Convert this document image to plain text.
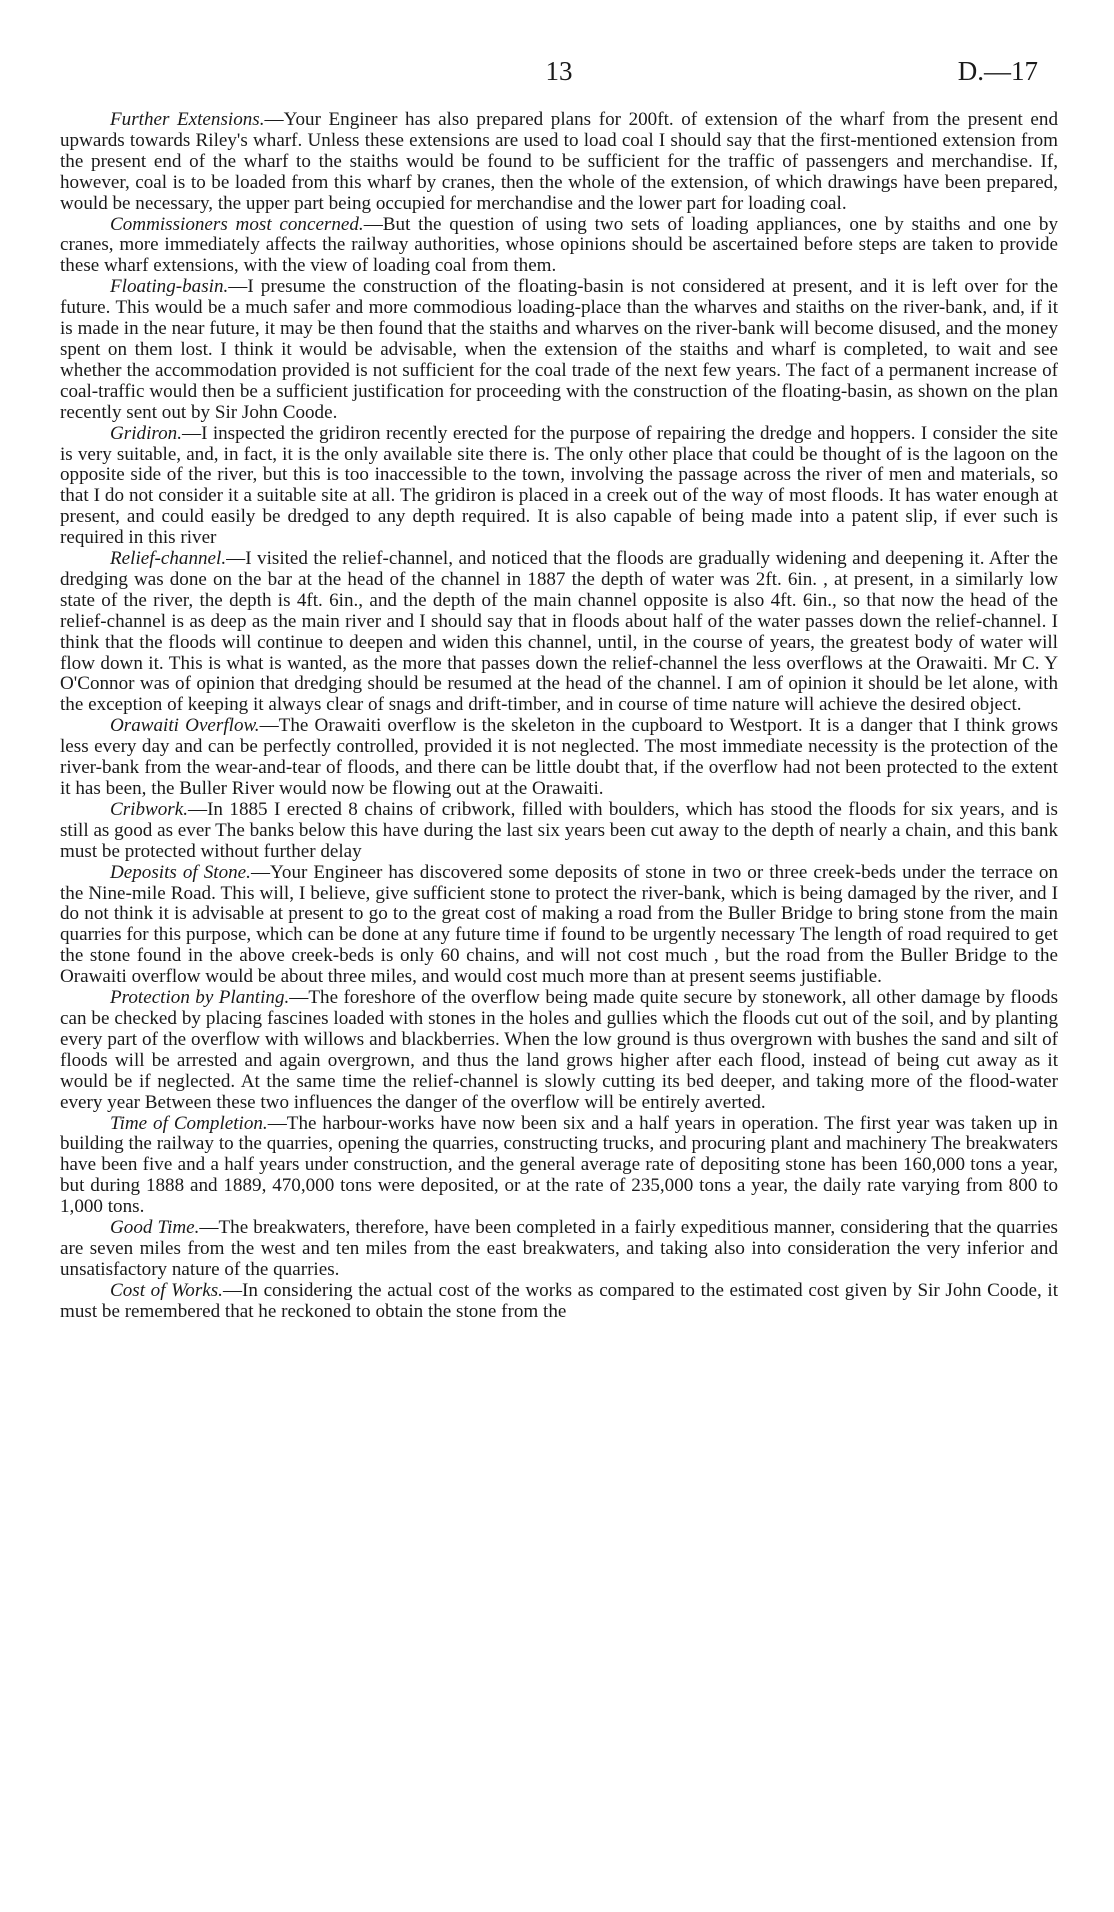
13	D.—17

Further Extensions.—Your Engineer has also prepared plans for 200ft. of extension of the wharf from the present end upwards towards Riley's wharf. Unless these extensions are used to load coal I should say that the first-mentioned extension from the present end of the wharf to the staiths would be found to be sufficient for the traffic of passengers and merchandise. If, however, coal is to be loaded from this wharf by cranes, then the whole of the extension, of which drawings have been prepared, would be necessary, the upper part being occupied for merchandise and the lower part for loading coal.

Commissioners most concerned.—But the question of using two sets of loading appliances, one by staiths and one by cranes, more immediately affects the railway authorities, whose opinions should be ascertained before steps are taken to provide these wharf extensions, with the view of loading coal from them.

Floating-basin.—I presume the construction of the floating-basin is not considered at present, and it is left over for the future. This would be a much safer and more commodious loading-place than the wharves and staiths on the river-bank, and, if it is made in the near future, it may be then found that the staiths and wharves on the river-bank will become disused, and the money spent on them lost. I think it would be advisable, when the extension of the staiths and wharf is completed, to wait and see whether the accommodation provided is not sufficient for the coal trade of the next few years. The fact of a permanent increase of coal-traffic would then be a sufficient justification for proceeding with the construction of the floating-basin, as shown on the plan recently sent out by Sir John Coode.

Gridiron.—I inspected the gridiron recently erected for the purpose of repairing the dredge and hoppers. I consider the site is very suitable, and, in fact, it is the only available site there is. The only other place that could be thought of is the lagoon on the opposite side of the river, but this is too inaccessible to the town, involving the passage across the river of men and materials, so that I do not consider it a suitable site at all. The gridiron is placed in a creek out of the way of most floods. It has water enough at present, and could easily be dredged to any depth required. It is also capable of being made into a patent slip, if ever such is required in this river

Relief-channel.—I visited the relief-channel, and noticed that the floods are gradually widening and deepening it. After the dredging was done on the bar at the head of the channel in 1887 the depth of water was 2ft. 6in. , at present, in a similarly low state of the river, the depth is 4ft. 6in., and the depth of the main channel opposite is also 4ft. 6in., so that now the head of the relief-channel is as deep as the main river and I should say that in floods about half of the water passes down the relief-channel. I think that the floods will continue to deepen and widen this channel, until, in the course of years, the greatest body of water will flow down it. This is what is wanted, as the more that passes down the relief-channel the less overflows at the Orawaiti. Mr C. Y O'Connor was of opinion that dredging should be resumed at the head of the channel. I am of opinion it should be let alone, with the exception of keeping it always clear of snags and drift-timber, and in course of time nature will achieve the desired object.

Orawaiti Overflow.—The Orawaiti overflow is the skeleton in the cupboard to Westport. It is a danger that I think grows less every day and can be perfectly controlled, provided it is not neglected. The most immediate necessity is the protection of the river-bank from the wear-and-tear of floods, and there can be little doubt that, if the overflow had not been protected to the extent it has been, the Buller River would now be flowing out at the Orawaiti.

Cribwork.—In 1885 I erected 8 chains of cribwork, filled with boulders, which has stood the floods for six years, and is still as good as ever The banks below this have during the last six years been cut away to the depth of nearly a chain, and this bank must be protected without further delay

Deposits of Stone.—Your Engineer has discovered some deposits of stone in two or three creek-beds under the terrace on the Nine-mile Road. This will, I believe, give sufficient stone to protect the river-bank, which is being damaged by the river, and I do not think it is advisable at present to go to the great cost of making a road from the Buller Bridge to bring stone from the main quarries for this purpose, which can be done at any future time if found to be urgently necessary The length of road required to get the stone found in the above creek-beds is only 60 chains, and will not cost much , but the road from the Buller Bridge to the Orawaiti overflow would be about three miles, and would cost much more than at present seems justifiable.

Protection by Planting.—The foreshore of the overflow being made quite secure by stonework, all other damage by floods can be checked by placing fascines loaded with stones in the holes and gullies which the floods cut out of the soil, and by planting every part of the overflow with willows and blackberries. When the low ground is thus overgrown with bushes the sand and silt of floods will be arrested and again overgrown, and thus the land grows higher after each flood, instead of being cut away as it would be if neglected. At the same time the relief-channel is slowly cutting its bed deeper, and taking more of the flood-water every year Between these two influences the danger of the overflow will be entirely averted.

Time of Completion.—The harbour-works have now been six and a half years in operation. The first year was taken up in building the railway to the quarries, opening the quarries, constructing trucks, and procuring plant and machinery The breakwaters have been five and a half years under construction, and the general average rate of depositing stone has been 160,000 tons a year, but during 1888 and 1889, 470,000 tons were deposited, or at the rate of 235,000 tons a year, the daily rate varying from 800 to 1,000 tons.

Good Time.—The breakwaters, therefore, have been completed in a fairly expeditious manner, considering that the quarries are seven miles from the west and ten miles from the east breakwaters, and taking also into consideration the very inferior and unsatisfactory nature of the quarries.

Cost of Works.—In considering the actual cost of the works as compared to the estimated cost given by Sir John Coode, it must be remembered that he reckoned to obtain the stone from the
